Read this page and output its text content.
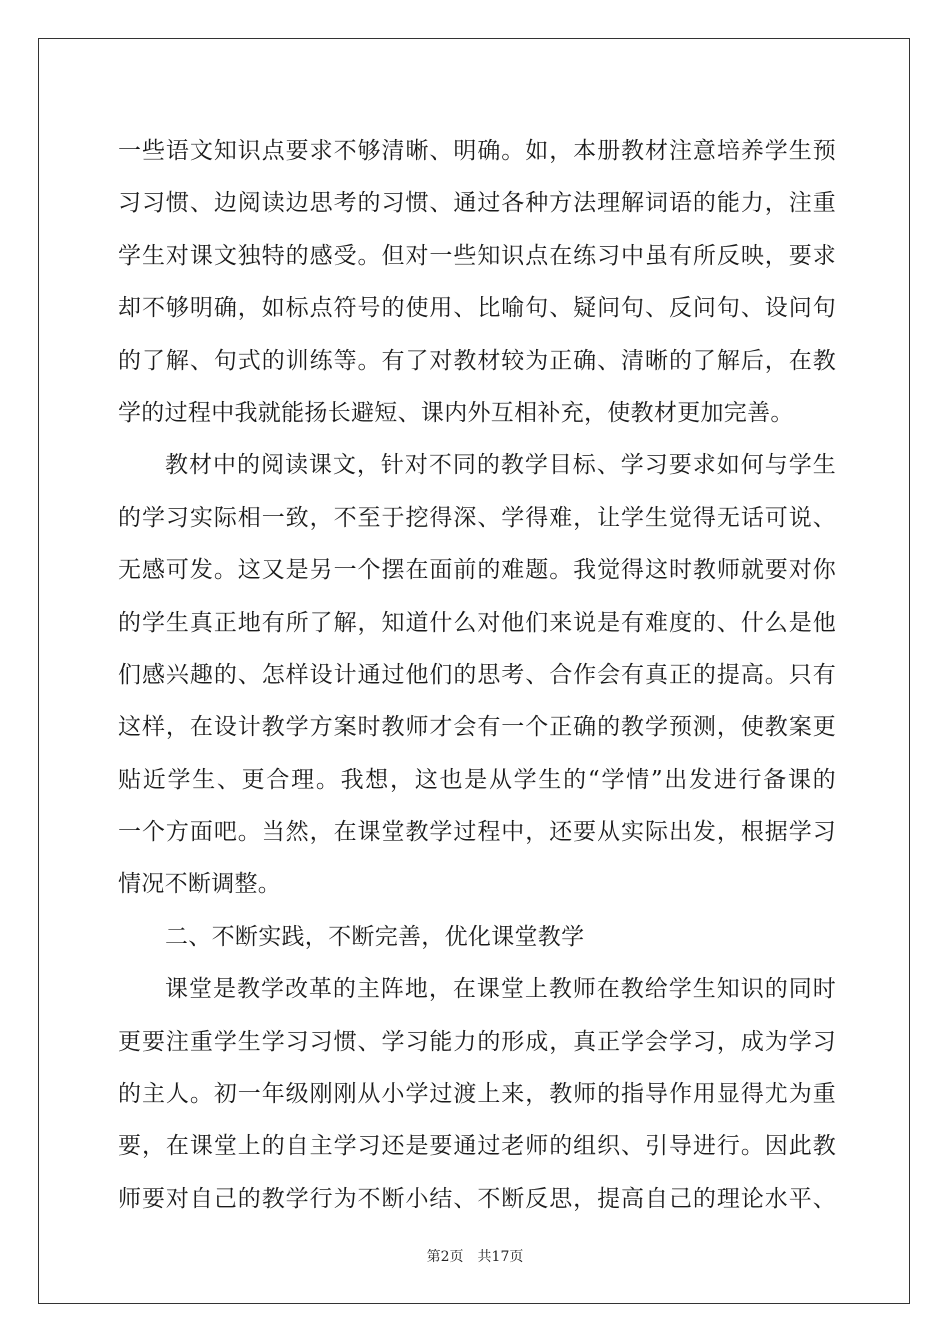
一些语文知识点要求不够清晰、明确。如，本册教材注意培养学生预
习习惯、边阅读边思考的习惯、通过各种方法理解词语的能力，注重
学生对课文独特的感受。但对一些知识点在练习中虽有所反映，要求
却不够明确，如标点符号的使用、比喻句、疑问句、反问句、设问句
的了解、句式的训练等。有了对教材较为正确、清晰的了解后，在教
学的过程中我就能扬长避短、课内外互相补充，使教材更加完善。
教材中的阅读课文，针对不同的教学目标、学习要求如何与学生
的学习实际相一致，不至于挖得深、学得难，让学生觉得无话可说、
无感可发。这又是另一个摆在面前的难题。我觉得这时教师就要对你
的学生真正地有所了解，知道什么对他们来说是有难度的、什么是他
们感兴趣的、怎样设计通过他们的思考、合作会有真正的提高。只有
这样，在设计教学方案时教师才会有一个正确的教学预测，使教案更
贴近学生、更合理。我想，这也是从学生的“学情”出发进行备课的
一个方面吧。当然，在课堂教学过程中，还要从实际出发，根据学习
情况不断调整。
二、不断实践，不断完善，优化课堂教学
课堂是教学改革的主阵地，在课堂上教师在教给学生知识的同时
更要注重学生学习习惯、学习能力的形成，真正学会学习，成为学习
的主人。初一年级刚刚从小学过渡上来，教师的指导作用显得尤为重
要，在课堂上的自主学习还是要通过老师的组织、引导进行。因此教
师要对自己的教学行为不断小结、不断反思，提高自己的理论水平、
第2页 共17页
